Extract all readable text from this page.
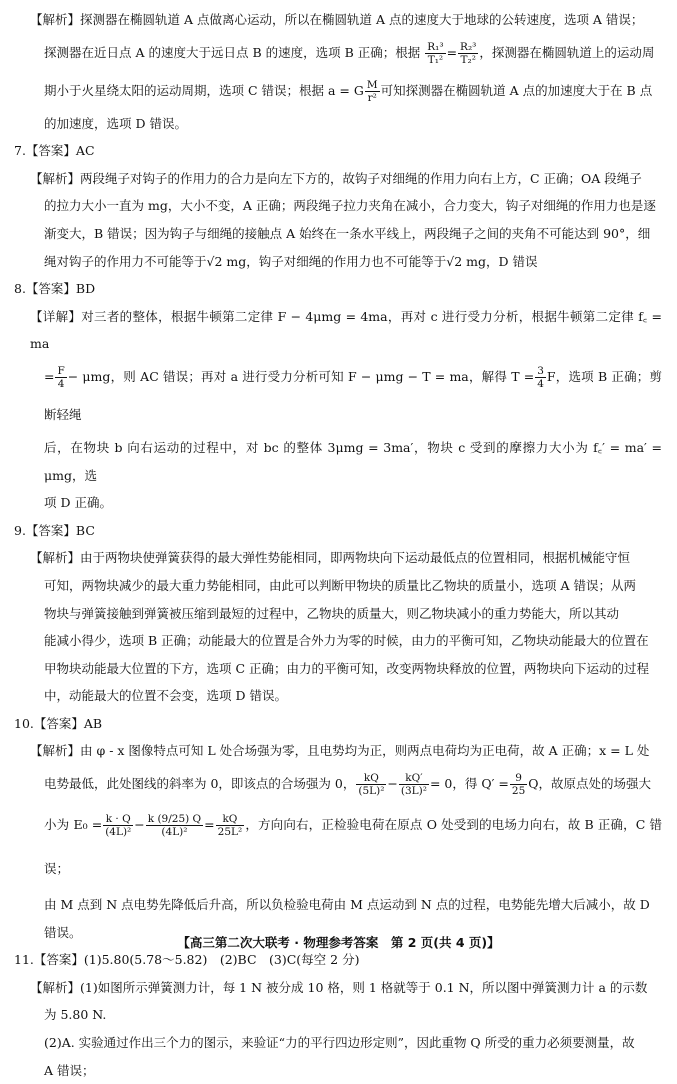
【解析】探测器在椭圆轨道 A 点做离心运动，所以在椭圆轨道 A 点的速度大于地球的公转速度，选项 A 错误；

探测器在近日点 A 的速度大于远日点 B 的速度，选项 B 正确；根据 $\frac{\text{R₁³}}{\text{T₁²}} = \frac{\text{R₂³}}{\text{T₂²}}$ ，探测器在椭圆轨道上的运动周

期小于火星绕太阳的运动周期，选项 C 错误；根据 a = G $\frac{M}{\text{r²}}$ 可知探测器在椭圆轨道 A 点的加速度大于在 B 点

的加速度，选项 D 错误。

7.【答案】AC

【解析】两段绳子对钩子的作用力的合力是向左下方的，故钩子对细绳的作用力向右上方，C 正确；OA 段绳子

的拉力大小一直为 mg，大小不变，A 正确；两段绳子拉力夹角在减小，合力变大，钩子对细绳的作用力也是逐

渐变大，B 错误；因为钩子与细绳的接触点 A 始终在一条水平线上，两段绳子之间的夹角不可能达到 90°，细

绳对钩子的作用力不可能等于√2 mg，钩子对细绳的作用力也不可能等于√2 mg，D 错误

8.【答案】BD

【详解】对三者的整体，根据牛顿第二定律 F − 4μmg = 4ma，再对 c 进行受力分析，根据牛顿第二定律 f꜀ = ma

= $\frac{F}{4} - \mu mg$，则 AC 错误；再对 a 进行受力分析可知 F − μmg − T = ma，解得 $T = \frac{3}{4}$ F，选项 B 正确；剪断轻绳

后，在物块 b 向右运动的过程中，对 bc 的整体 3μmg = 3ma′，物块 c 受到的摩擦力大小为 f꜀′ = ma′ = μmg，选

项 D 正确。

9.【答案】BC

【解析】由于两物块使弹簧获得的最大弹性势能相同，即两物块向下运动最低点的位置相同，根据机械能守恒

可知，两物块减少的最大重力势能相同，由此可以判断甲物块的质量比乙物块的质量小，选项 A 错误；从两

物块与弹簧接触到弹簧被压缩到最短的过程中，乙物块的质量大，则乙物块减小的重力势能大，所以其动

能减小得少，选项 B 正确；动能最大的位置是合外力为零的时候，由力的平衡可知，乙物块动能最大的位置在

甲物块动能最大位置的下方，选项 C 正确；由力的平衡可知，改变两物块释放的位置，两物块向下运动的过程

中，动能最大的位置不会变，选项 D 错误。

10.【答案】AB

【解析】由 φ - x 图像特点可知 L 处合场强为零，且电势均为正，则两点电荷均为正电荷，故 A 正确；x = L 处

电势最低，此处图线的斜率为 0，即该点的合场强为 0， $\frac{kQ}{\text{(5L)²}} - \frac{kQ'}{\text{(3L)²}} = 0$，得 $Q' = \frac{9}{25}$ Q，故原点处的场强大

小为 $E_0 = \frac{k \cdot Q}{\text{(4L)²}} - \frac{k (9/25) Q}{\text{(4L)²}} = \frac{kQ}{\text{25L²}}$ ，方向向右，正检验电荷在原点 O 处受到的电场力向右，故 B 正确，C 错误；

由 M 点到 N 点电势先降低后升高，所以负检验电荷由 M 点运动到 N 点的过程，电势能先增大后减小，故 D

错误。

11.【答案】(1)5.80(5.78～5.82)　(2)BC　(3)C(每空 2 分)

【解析】(1)如图所示弹簧测力计，每 1 N 被分成 10 格，则 1 格就等于 0.1 N，所以图中弹簧测力计 a 的示数

为 5.80 N.

(2)A. 实验通过作出三个力的图示，来验证“力的平行四边形定则”，因此重物 Q 所受的重力必须要测量，故

A 错误；

【高三第二次大联考 · 物理参考答案　第 2 页(共 4 页)】
